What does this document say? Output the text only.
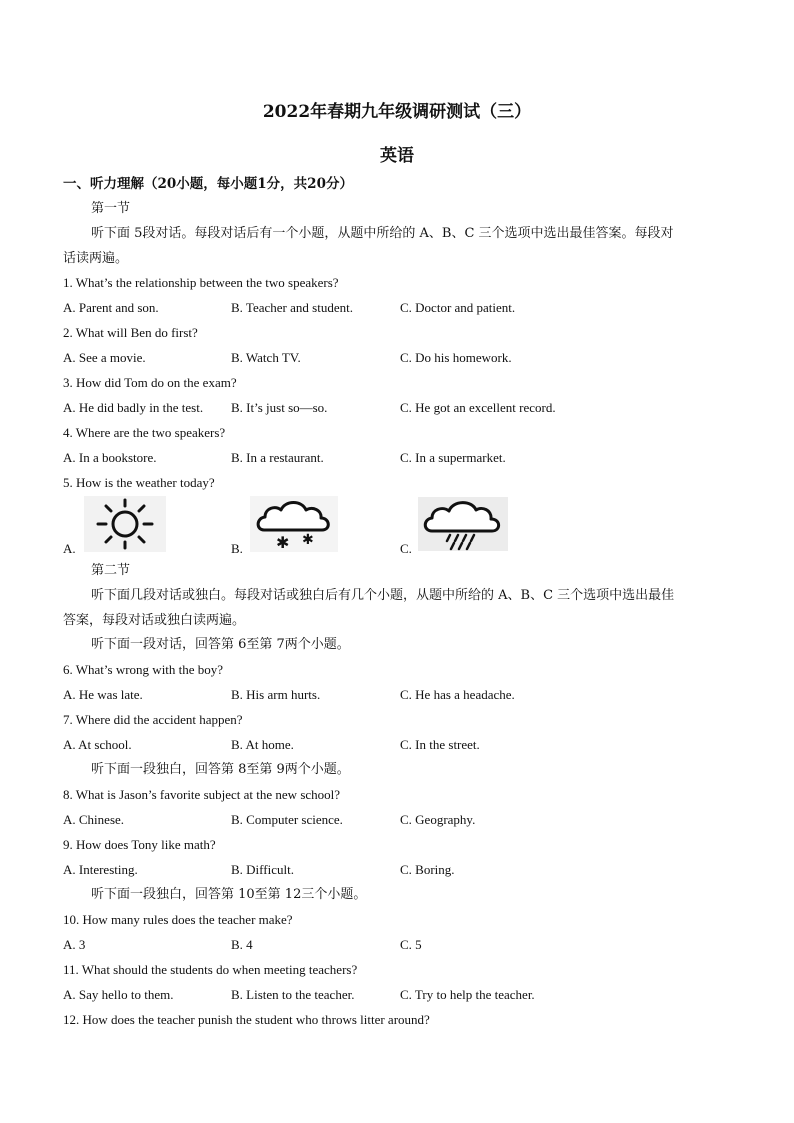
2022年春期九年级调研测试（三）
英语
一、听力理解（20小题，每小题1分，共20分）
第一节
听下面 5段对话。每段对话后有一个小题，从题中所给的 A、B、C 三个选项中选出最佳答案。每段对
话读两遍。
1. What’s the relationship between the two speakers?
A. Parent and son.	B. Teacher and student.	C. Doctor and patient.
2. What will Ben do first?
A. See a movie.	B. Watch TV.	C. Do his homework.
3. How did Tom do on the exam?
A. He did badly in the test. B. It’s just so—so.	C. He got an excellent record.
4. Where are the two speakers?
A. In a bookstore.	B. In a restaurant.	C. In a supermarket.
5. How is the weather today?
A.	B.	C.
✱ ✱
第二节
听下面几段对话或独白。每段对话或独白后有几个小题，从题中所给的 A、B、C 三个选项中选出最佳
答案，每段对话或独白读两遍。
听下面一段对话，回答第 6至第 7两个小题。
6. What’s wrong with the boy?
A. He was late.	B. His arm hurts.	C. He has a headache.
7. Where did the accident happen?
A. At school.	B. At home.	C. In the street.
听下面一段独白，回答第 8至第 9两个小题。
8. What is Jason’s favorite subject at the new school?
A. Chinese.	B. Computer science.	C. Geography.
9. How does Tony like math?
A. Interesting.	B. Difficult.	C. Boring.
听下面一段独白，回答第 10至第 12三个小题。
10. How many rules does the teacher make?
A. 3	B. 4	C. 5
11. What should the students do when meeting teachers?
A. Say hello to them.	B. Listen to the teacher.	C. Try to help the teacher.
12. How does the teacher punish the student who throws litter around?
